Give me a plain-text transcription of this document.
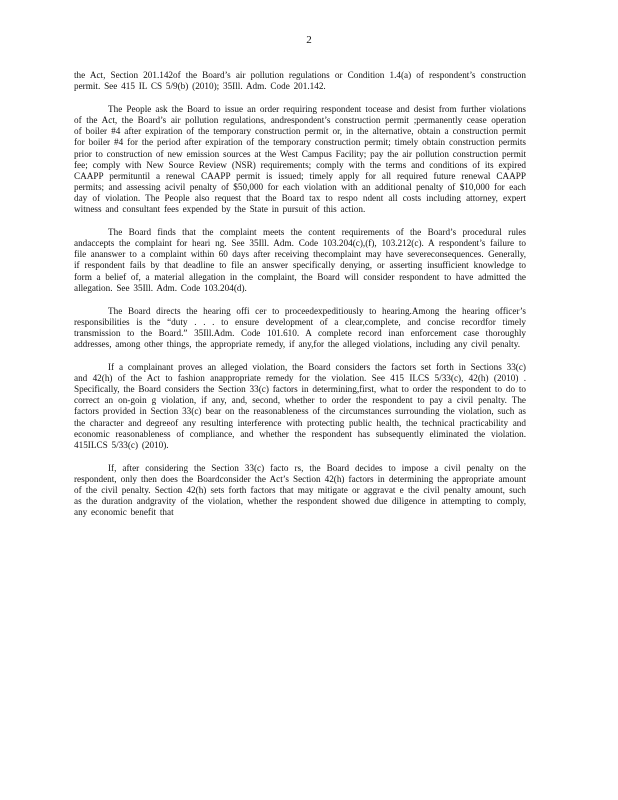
2

the Act, Section 201.142of the Board’s air pollution regulations or Condition 1.4(a) of respondent’s construction permit. See 415 IL CS 5/9(b) (2010); 35Ill. Adm. Code 201.142.

The People ask the Board to issue an order requiring respondent tocease and desist from further violations of the Act, the Board’s air pollution regulations, andrespondent’s construction permit ;permanently cease operation of boiler #4 after expiration of the temporary construction permit or, in the alternative, obtain a construction permit for boiler #4 for the period after expiration of the temporary construction permit; timely obtain construction permits prior to construction of new emission sources at the West Campus Facility; pay the air pollution construction permit fee; comply with New Source Review (NSR) requirements; comply with the terms and conditions of its expired CAAPP permituntil a renewal CAAPP permit is issued; timely apply for all required future renewal CAAPP permits; and assessing acivil penalty of $50,000 for each violation with an additional penalty of $10,000 for each day of violation. The People also request that the Board tax to respo ndent all costs including attorney, expert witness and consultant fees expended by the State in pursuit of this action.

The Board finds that the complaint meets the content requirements of the Board’s procedural rules andaccepts the complaint for heari ng. See 35Ill. Adm. Code 103.204(c),(f), 103.212(c). A respondent’s failure to file ananswer to a complaint within 60 days after receiving thecomplaint may have severeconsequences. Generally, if respondent fails by that deadline to file an answer specifically denying, or asserting insufficient knowledge to form a belief of, a material allegation in the complaint, the Board will consider respondent to have admitted the allegation. See 35Ill. Adm. Code 103.204(d).

The Board directs the hearing offi cer to proceedexpeditiously to hearing.Among the hearing officer’s responsibilities is the “duty . . . to ensure development of a clear,complete, and concise recordfor timely transmission to the Board.” 35Ill.Adm. Code 101.610. A complete record inan enforcement case thoroughly addresses, among other things, the appropriate remedy, if any,for the alleged violations, including any civil penalty.

If a complainant proves an alleged violation, the Board considers the factors set forth in Sections 33(c) and 42(h) of the Act to fashion anappropriate remedy for the violation. See 415 ILCS 5/33(c), 42(h) (2010) . Specifically, the Board considers the Section 33(c) factors in determining,first, what to order the respondent to do to correct an on-goin g violation, if any, and, second, whether to order the respondent to pay a civil penalty. The factors provided in Section 33(c) bear on the reasonableness of the circumstances surrounding the violation, such as the character and degreeof any resulting interference with protecting public health, the technical practicability and economic reasonableness of compliance, and whether the respondent has subsequently eliminated the violation. 415ILCS 5/33(c) (2010).

If, after considering the Section 33(c) facto rs, the Board decides to impose a civil penalty on the respondent, only then does the Boardconsider the Act’s Section 42(h) factors in determining the appropriate amount of the civil penalty. Section 42(h) sets forth factors that may mitigate or aggravat e the civil penalty amount, such as the duration andgravity of the violation, whether the respondent showed due diligence in attempting to comply, any economic benefit that
